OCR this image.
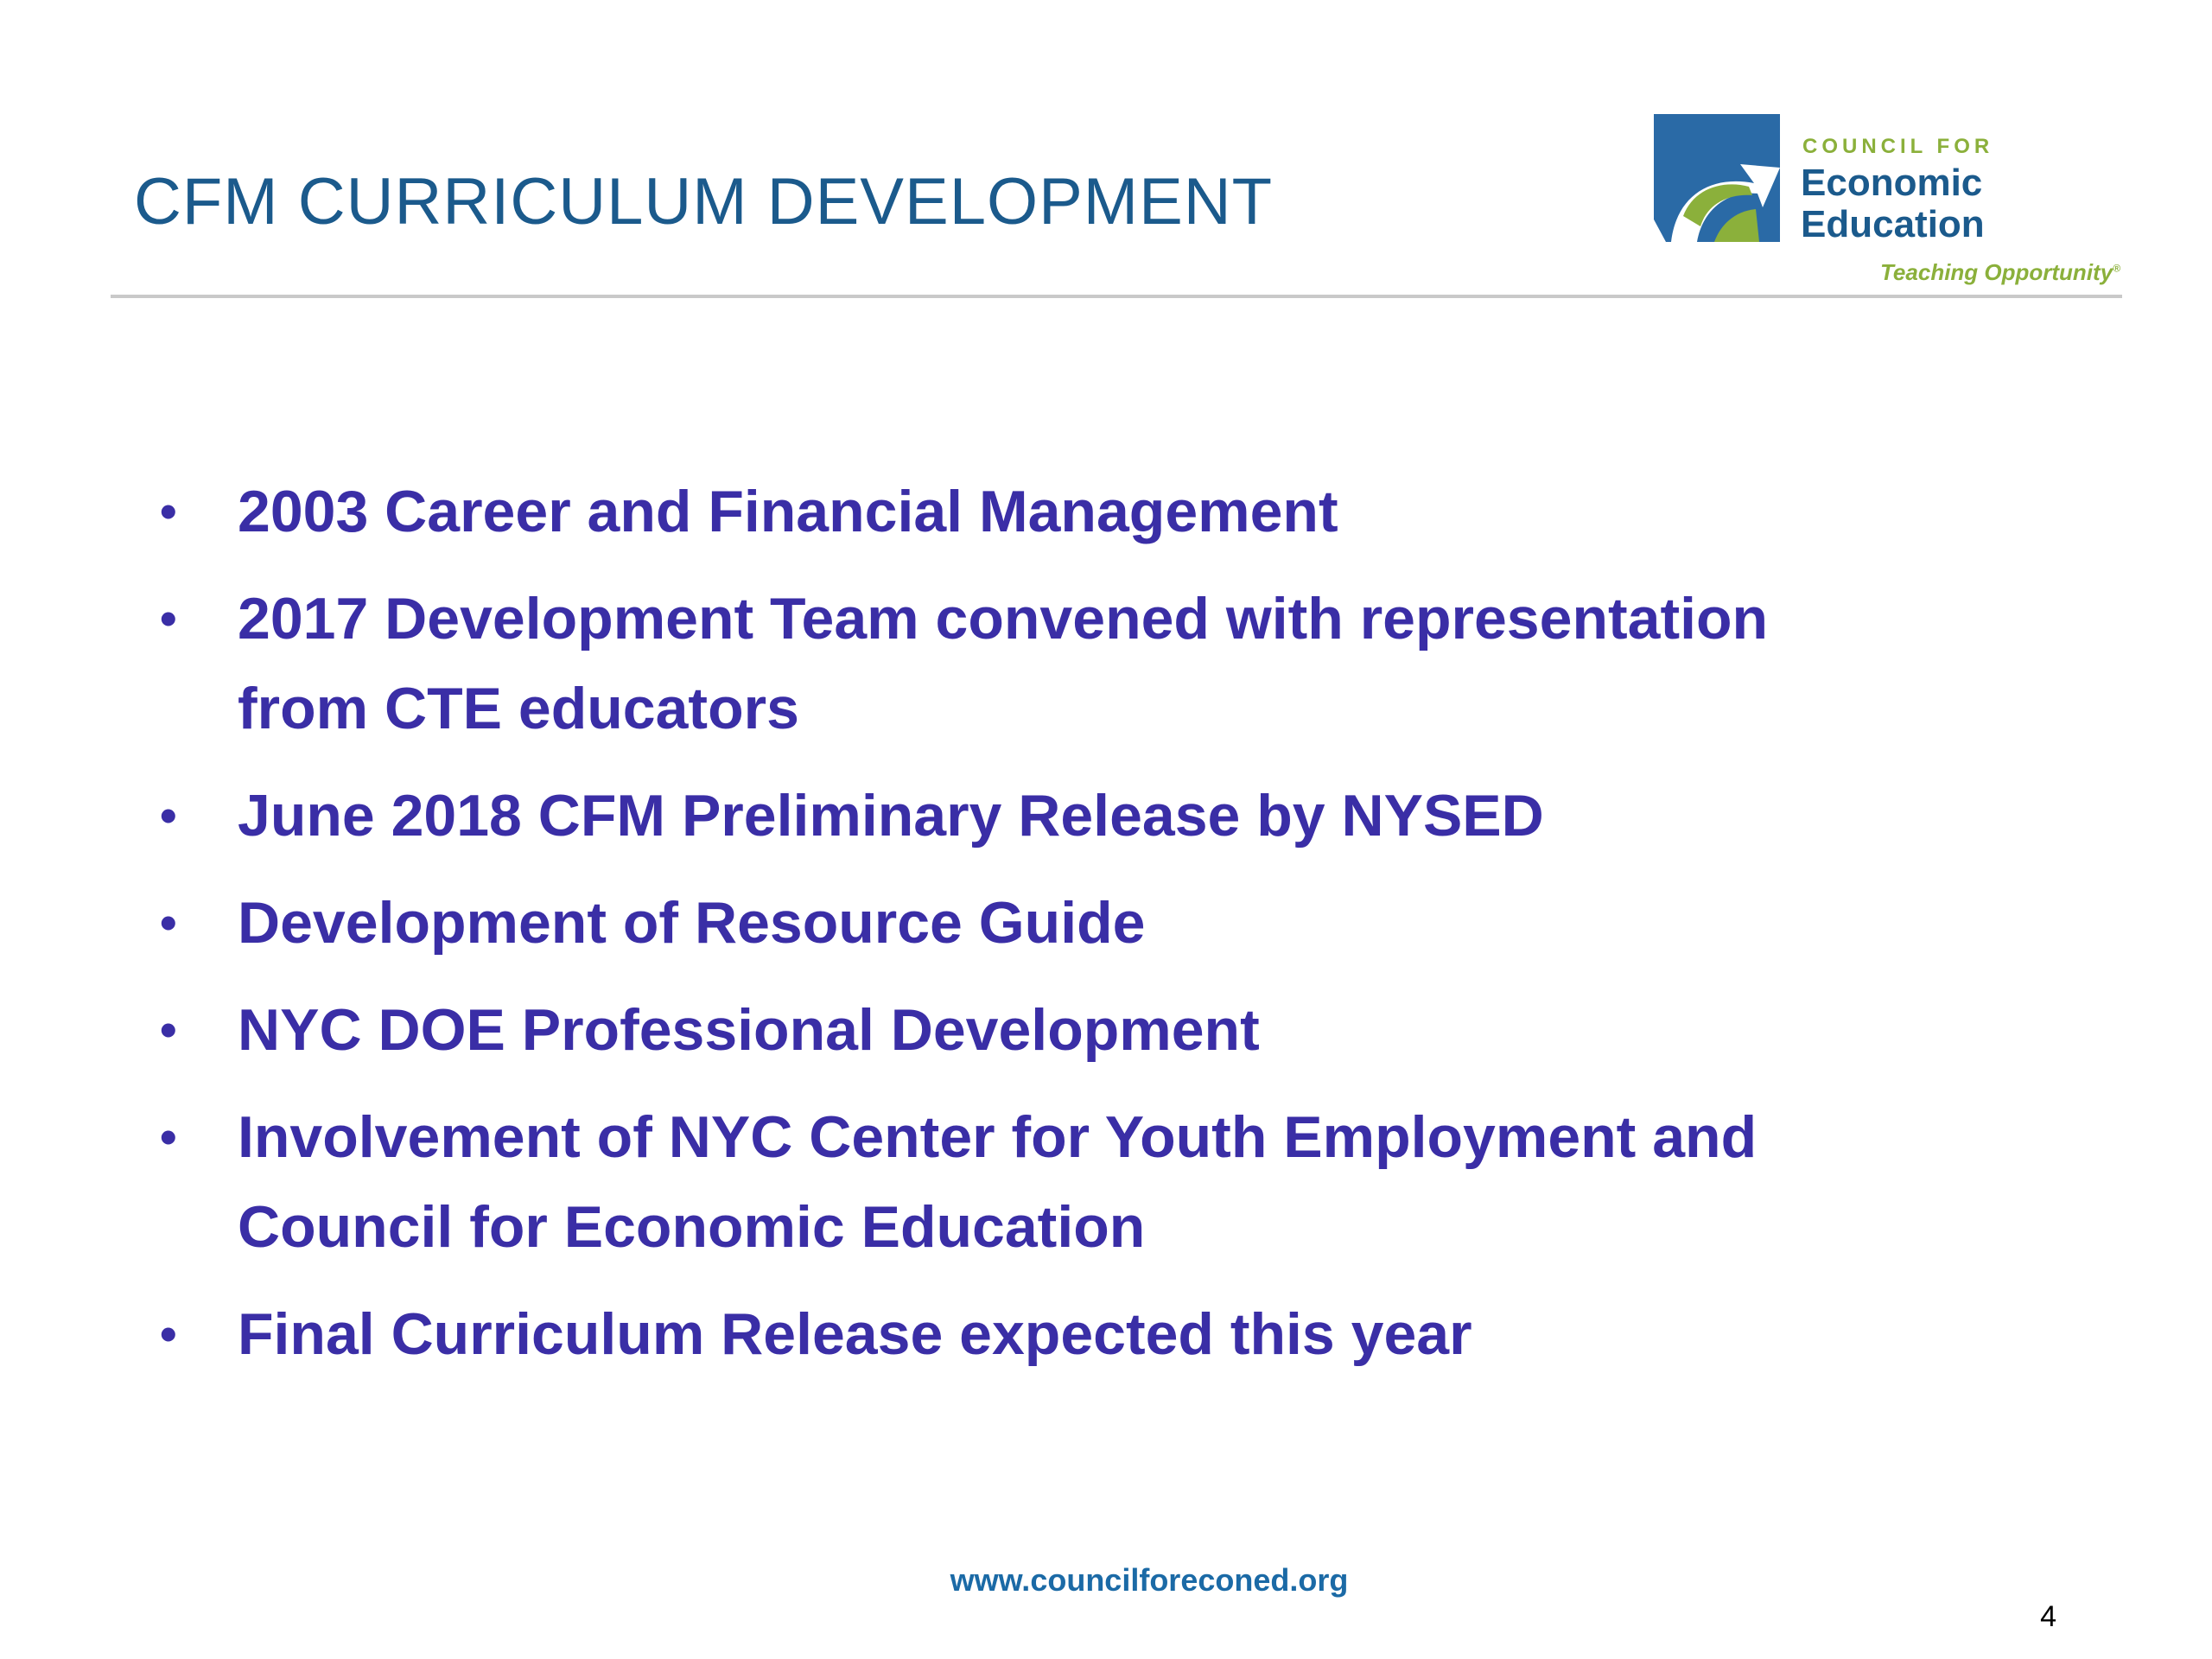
CFM CURRICULUM DEVELOPMENT
COUNCIL FOR
Economic
Education
Teaching Opportunity®
• 2003 Career and Financial Management
• 2017 Development Team convened with representation from CTE educators
• June 2018 CFM Preliminary Release by NYSED
• Development of Resource Guide
• NYC DOE Professional Development
• Involvement of NYC Center for Youth Employment and Council for Economic Education
• Final Curriculum Release expected this year
www.councilforeconed.org
4
